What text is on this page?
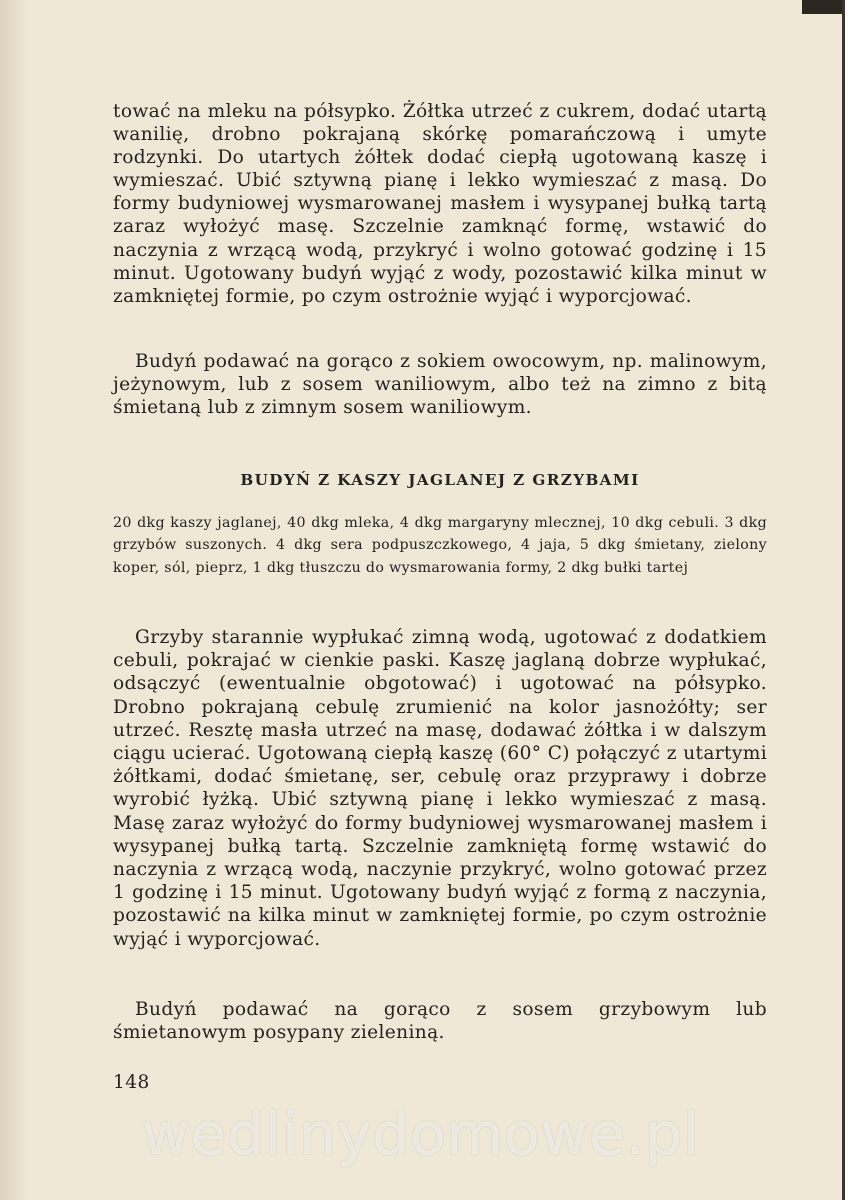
tować na mleku na półsypko. Żółtka utrzeć z cukrem, dodać utartą wanilię, drobno pokrajaną skórkę pomarańczową i umyte rodzynki. Do utartych żółtek dodać ciepłą ugotowaną kaszę i wymieszać. Ubić sztywną pianę i lekko wymieszać z masą. Do formy budyniowej wysmarowanej masłem i wysypanej bułką tartą zaraz wyłożyć masę. Szczelnie zamknąć formę, wstawić do naczynia z wrzącą wodą, przykryć i wolno gotować godzinę i 15 minut. Ugotowany budyń wyjąć z wody, pozostawić kilka minut w zamkniętej formie, po czym ostrożnie wyjąć i wyporcjować.

Budyń podawać na gorąco z sokiem owocowym, np. malinowym, jeżynowym, lub z sosem waniliowym, albo też na zimno z bitą śmietaną lub z zimnym sosem waniliowym.

BUDYŃ Z KASZY JAGLANEJ Z GRZYBAMI

20 dkg kaszy jaglanej, 40 dkg mleka, 4 dkg margaryny mlecznej, 10 dkg cebuli. 3 dkg grzybów suszonych. 4 dkg sera podpuszczkowego, 4 jaja, 5 dkg śmietany, zielony koper, sól, pieprz, 1 dkg tłuszczu do wysmarowania formy, 2 dkg bułki tartej

Grzyby starannie wypłukać zimną wodą, ugotować z dodatkiem cebuli, pokrajać w cienkie paski. Kaszę jaglaną dobrze wypłukać, odsączyć (ewentualnie obgotować) i ugotować na półsypko. Drobno pokrajaną cebulę zrumienić na kolor jasnożółty; ser utrzeć. Resztę masła utrzeć na masę, dodawać żółtka i w dalszym ciągu ucierać. Ugotowaną ciepłą kaszę (60° C) połączyć z utartymi żółtkami, dodać śmietanę, ser, cebulę oraz przyprawy i dobrze wyrobić łyżką. Ubić sztywną pianę i lekko wymieszać z masą. Masę zaraz wyłożyć do formy budyniowej wysmarowanej masłem i wysypanej bułką tartą. Szczelnie zamkniętą formę wstawić do naczynia z wrzącą wodą, naczynie przykryć, wolno gotować przez 1 godzinę i 15 minut. Ugotowany budyń wyjąć z formą z naczynia, pozostawić na kilka minut w zamkniętej formie, po czym ostrożnie wyjąć i wyporcjować.

Budyń podawać na gorąco z sosem grzybowym lub śmietanowym posypany zieleniną.

148

wedlinydomowe.pl
